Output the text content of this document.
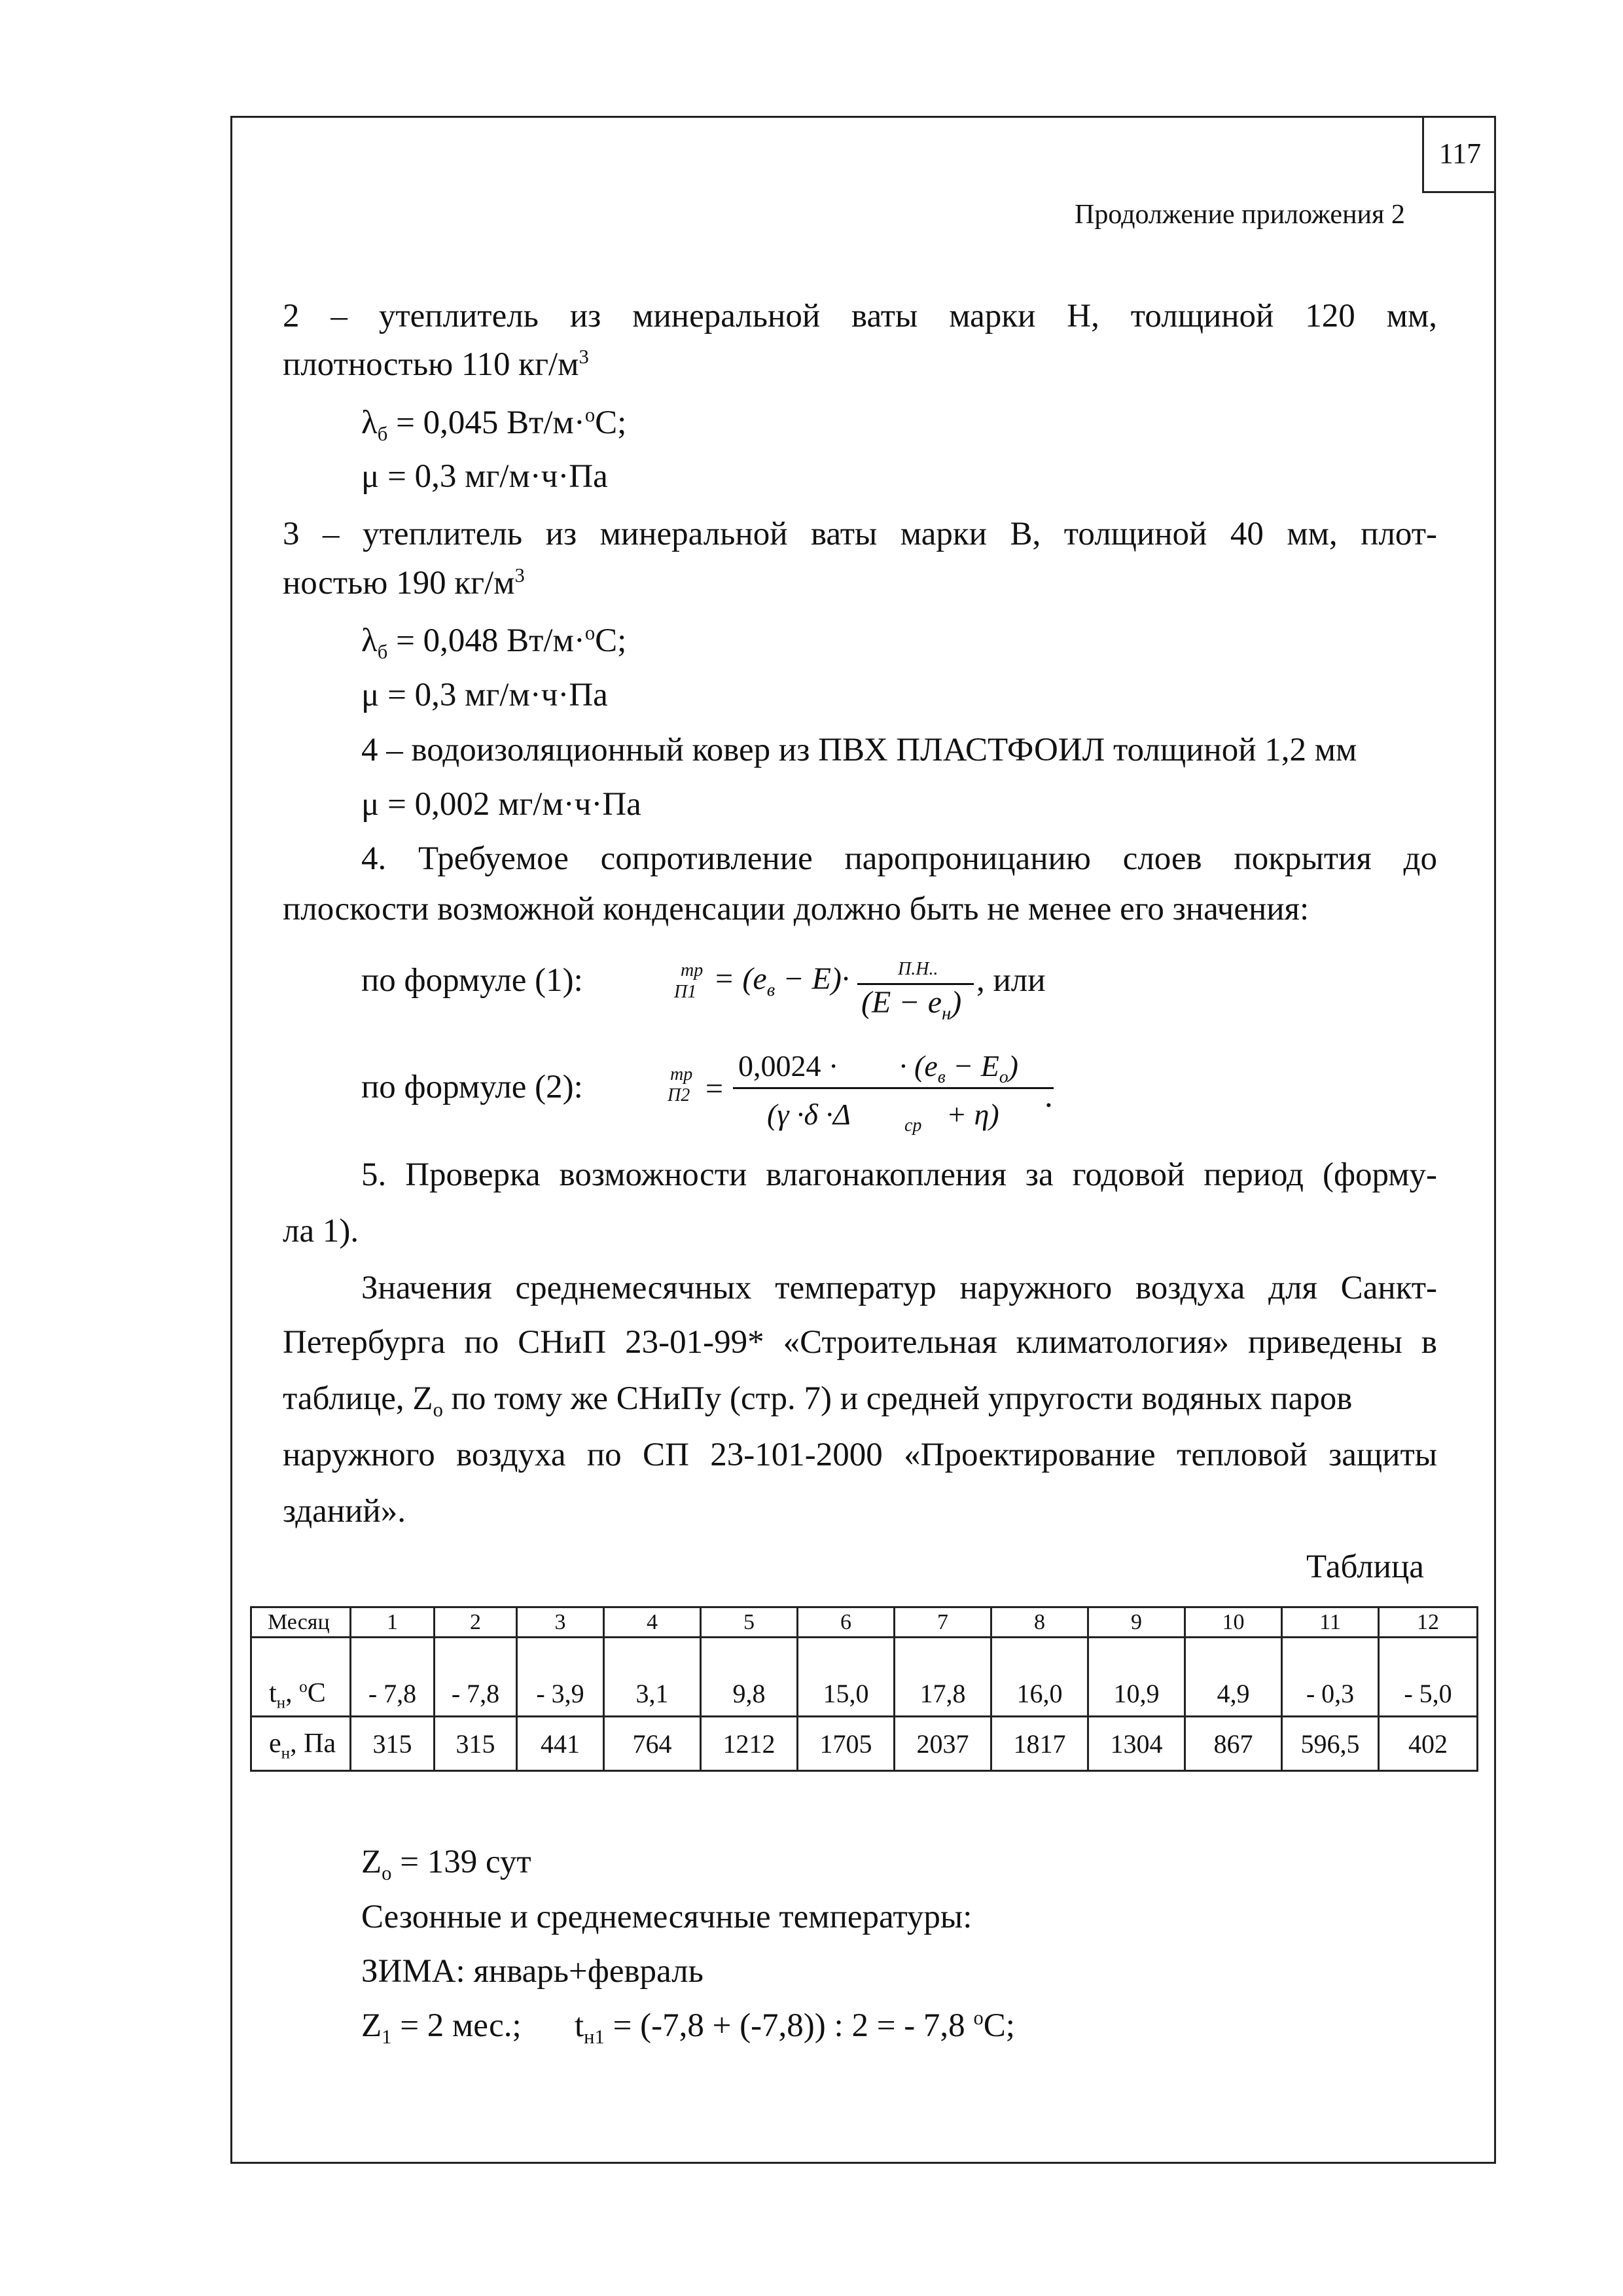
117
Продолжение приложения 2
2 – утеплитель из минеральной ваты марки Н, толщиной 120 мм,
плотностью 110 $кг/м^3$
$\lambda_б = 0,045$ Вт/м·$^o$С;
μ = 0,3 мг/м·ч·Па
3 – утеплитель из минеральной ваты марки В, толщиной 40 мм, плот-
ностью 190 $кг/м^3$
$\lambda_б = 0,048$ Вт/м·$^o$С;
μ = 0,3 мг/м·ч·Па
4 – водоизоляционный ковер из ПВХ ПЛАСТФОИЛ толщиной 1,2 мм
μ = 0,002 мг/м·ч·Па
4. Требуемое сопротивление паропроницанию слоев покрытия до
плоскости возможной конденсации должно быть не менее его значения:
по формуле (1):	тр
$П1 = (e_в - E)\cdot$	П.Н..
$(E - e_н)$
, или
по формуле (2):	тр
П2 =
0,0024 · · $(e_в - E_o)$
(γ ·δ ·Δ	ср + η) .
5. Проверка возможности влагонакопления за годовой период (форму-
ла 1).
Значения среднемесячных температур наружного воздуха для Санкт-
Петербурга по СНиП 23-01-99* «Строительная климатология» приведены в
таблице, $Z_o$ по тому же СНиПу (стр. 7) и средней упругости водяных паров
наружного воздуха по СП 23-101-2000 «Проектирование тепловой защиты
зданий».
Таблица
Месяц	1	2	3	4	5	6	7	8	9	10	11	12
$t_н$, $^o$С	- 7,8	- 7,8	- 3,9	3,1	9,8	15,0	17,8	16,0	10,9	4,9	- 0,3	- 5,0
$e_н$, Па	315	315	441	764	1212	1705	2037	1817	1304	867	596,5	402
$Z_o = 139$ сут
Сезонные и среднемесячные температуры:
ЗИМА: январь+февраль
$Z_1 = 2$ мес.; $t_{н1} = (-7,8 + (-7,8))$ : 2 = - 7,8 $^o$С;
